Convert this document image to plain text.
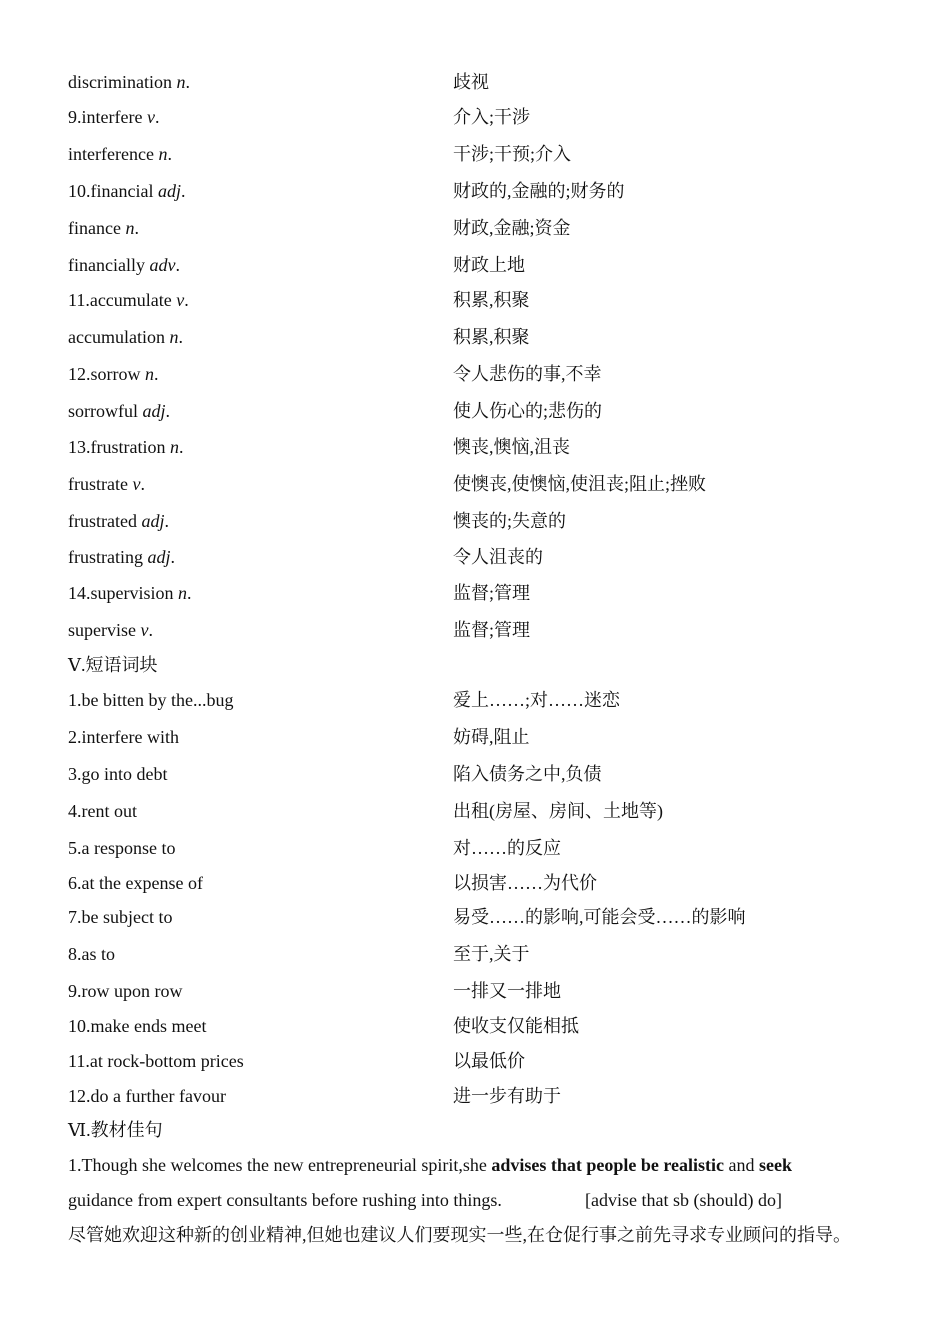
discrimination n.	歧视
9.interfere v.	介入;干涉
interference n.	干涉;干预;介入
10.financial adj.	财政的,金融的;财务的
finance n.	财政,金融;资金
financially adv.	财政上地
11.accumulate v.	积累,积聚
accumulation n.	积累,积聚
12.sorrow n.	令人悲伤的事,不幸
sorrowful adj.	使人伤心的;悲伤的
13.frustration n.	懊丧,懊恼,沮丧
frustrate v.	使懊丧,使懊恼,使沮丧;阻止;挫败
frustrated adj.	懊丧的;失意的
frustrating adj.	令人沮丧的
14.supervision n.	监督;管理
supervise v.	监督;管理
Ⅴ.短语词块
1.be bitten by the...bug	爱上……;对……迷恋
2.interfere with	妨碍,阻止
3.go into debt	陷入债务之中,负债
4.rent out	出租(房屋、房间、土地等)
5.a response to	对……的反应
6.at the expense of	以损害……为代价
7.be subject to	易受……的影响,可能会受……的影响
8.as to	至于,关于
9.row upon row	一排又一排地
10.make ends meet	使收支仅能相抵
11.at rock-bottom prices	以最低价
12.do a further favour	进一步有助于
Ⅵ.教材佳句
1.Though she welcomes the new entrepreneurial spirit,she advises that people be realistic and seek
guidance from expert consultants before rushing into things.	[advise that sb (should) do]
尽管她欢迎这种新的创业精神,但她也建议人们要现实一些,在仓促行事之前先寻求专业顾问的指导。
